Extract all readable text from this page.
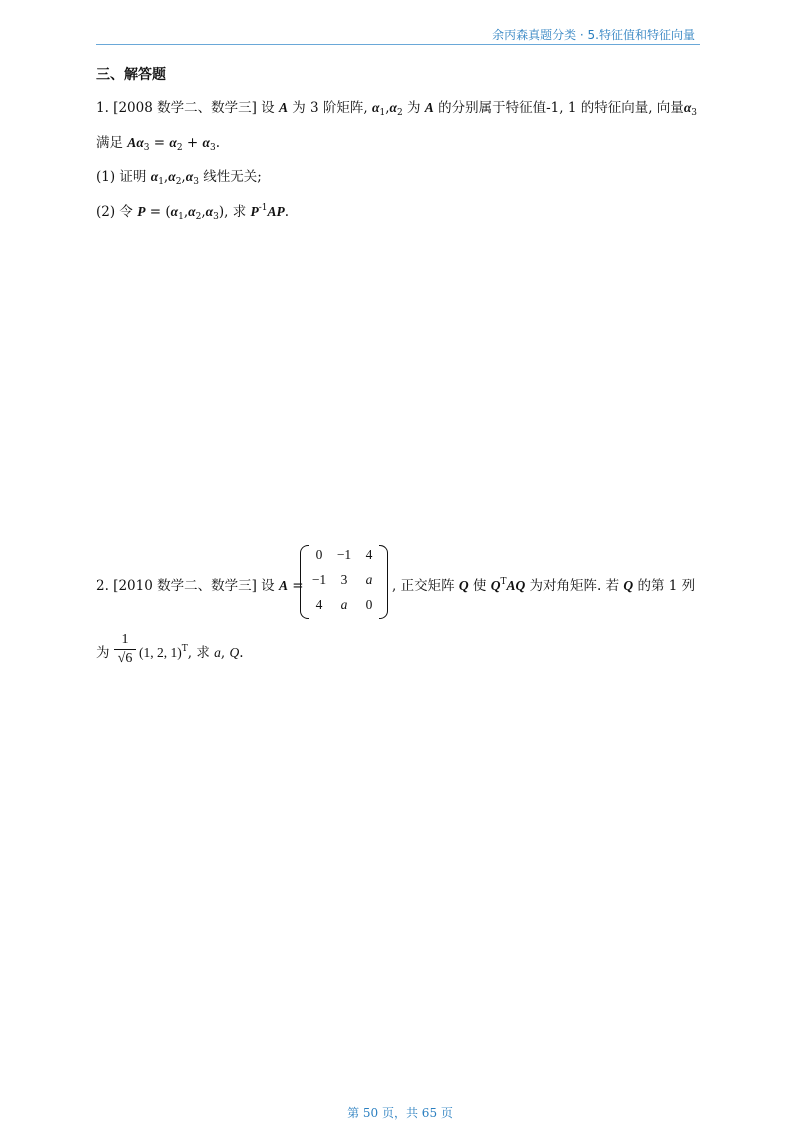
余丙森真题分类 · 5.特征值和特征向量
三、解答题
1. [2008 数学二、数学三] 设 A 为 3 阶矩阵, $\alpha_1,\alpha_2$ 为 A 的分别属于特征值-1, 1 的特征向量, 向量$\alpha_3$
满足 $A\alpha_3 = \alpha_2 + \alpha_3$.
(1) 证明 $\alpha_1,\alpha_2,\alpha_3$ 线性无关;
(2) 令 $P = (\alpha_1,\alpha_2,\alpha_3)$, 求 $P^{-1}AP$.
2. [2010 数学二、数学三] 设 A =
0	−1	4
−1	3	a
4	a	0
, 正交矩阵 Q 使 $Q^TAQ$ 为对角矩阵. 若 Q 的第 1 列
为
1
√6 (1, 2, 1)$^T$, 求 a, Q.
第 50 页，共 65 页
